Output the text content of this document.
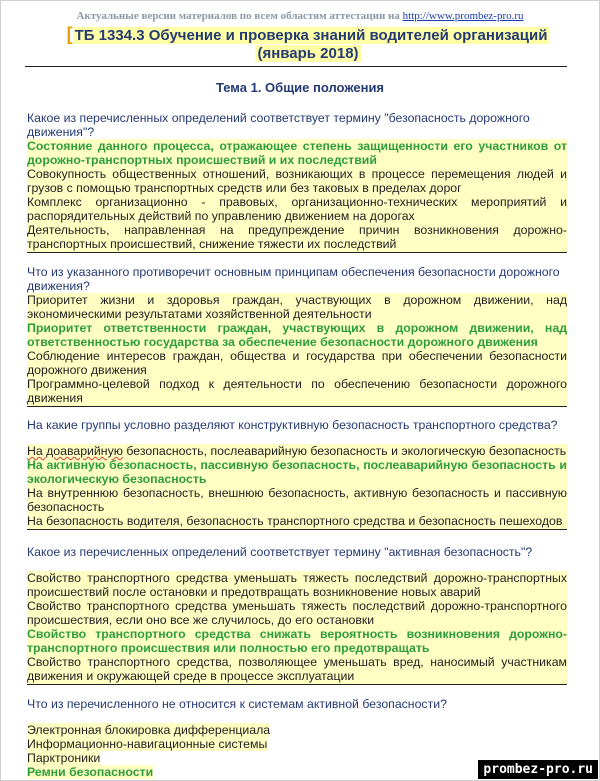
Актуальные версии материалов по всем областям аттестации на http://www.prombez-pro.ru
[ ТБ 1334.3 Обучение и проверка знаний водителей организаций
(январь 2018)
Тема 1. Общие положения
Какое из перечисленных определений соответствует термину "безопасность дорожного движения"?
Состояние данного процесса, отражающее степень защищенности его участников от дорожно-транспортных происшествий и их последствий
Совокупность общественных отношений, возникающих в процессе перемещения людей и грузов с помощью транспортных средств или без таковых в пределах дорог
Комплекс организационно - правовых, организационно-технических мероприятий и распорядительных действий по управлению движением на дорогах
Деятельность, направленная на предупреждение причин возникновения дорожно-транспортных происшествий, снижение тяжести их последствий
Что из указанного противоречит основным принципам обеспечения безопасности дорожного движения?
Приоритет жизни и здоровья граждан, участвующих в дорожном движении, над экономическими результатами хозяйственной деятельности
Приоритет ответственности граждан, участвующих в дорожном движении, над ответственностью государства за обеспечение безопасности дорожного движения
Соблюдение интересов граждан, общества и государства при обеспечении безопасности дорожного движения
Программно-целевой подход к деятельности по обеспечению безопасности дорожного движения
На какие группы условно разделяют конструктивную безопасность транспортного средства?
На доаварийную безопасность, послеаварийную безопасность и экологическую безопасность
На активную безопасность, пассивную безопасность, послеаварийную безопасность и экологическую безопасность
На внутреннюю безопасность, внешнюю безопасность, активную безопасность и пассивную безопасность
На безопасность водителя, безопасность транспортного средства и безопасность пешеходов
Какое из перечисленных определений соответствует термину "активная безопасность"?
Свойство транспортного средства уменьшать тяжесть последствий дорожно-транспортных происшествий после остановки и предотвращать возникновение новых аварий
Свойство транспортного средства уменьшать тяжесть последствий дорожно-транспортного происшествия, если оно все же случилось, до его остановки
Свойство транспортного средства снижать вероятность возникновения дорожно-транспортного происшествия или полностью его предотвращать
Свойство транспортного средства, позволяющее уменьшать вред, наносимый участникам движения и окружающей среде в процессе эксплуатации
Что из перечисленного не относится к системам активной безопасности?
Электронная блокировка дифференциала
Информационно-навигационные системы
Парктроники
Ремни безопасности	prombez-pro.ru
